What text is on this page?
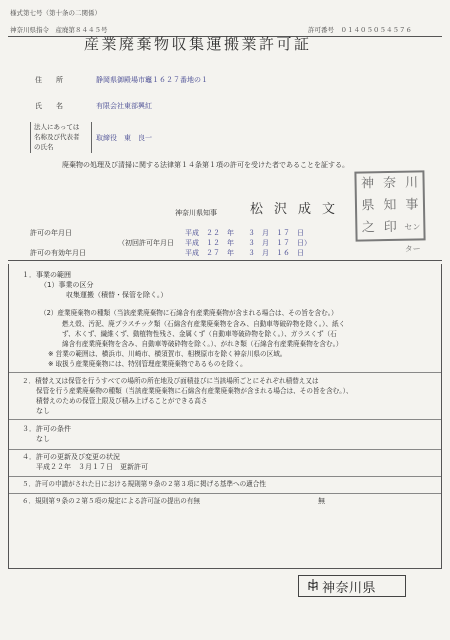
様式第七号（第十条の二関係）
神奈川県指令　産廃第８４４５号	許可番号　０１４０５０５４５７６
産業廃棄物収集運搬業許可証
住　　所	静岡県御殿場市竈１６２７番地の１
氏　　名	有限会社東部興紅
法人にあっては
名称及び代表者
の氏名
取締役　東　良一
廃棄物の処理及び清掃に関する法律第１４条第１項の許可を受けた者であることを証する。
神奈川県知事	松沢成文
神 奈 川
県 知 事
之 印 センター
許可の年月日	平成　２２　年　　３　月　１７　日
（初回許可年月日 平成　１２　年　　３　月　１７　日）
許可の有効年月日	平成　２７　年　　３　月　１６　日
１．事業の範囲
（1）事業の区分
収集運搬（積替・保管を除く。）
（2）産業廃棄物の種類（当該産業廃棄物に石綿含有産業廃棄物が含まれる場合は、その旨を含む。）
燃え殻、汚泥、廃プラスチック類（石綿含有産業廃棄物を含み、自動車等破砕物を除く。）、紙く
ず、木くず、繊維くず、動植物性残さ、金属くず（自動車等破砕物を除く。）、ガラスくず（石
綿含有産業廃棄物を含み、自動車等破砕物を除く。）、がれき類（石綿含有産業廃棄物を含む。）
※ 営業の範囲は、横浜市、川崎市、横須賀市、相模原市を除く神奈川県の区域。
※ 取扱う産業廃棄物には、特別管理産業廃棄物であるものを除く。
２．積替え又は保管を行うすべての場所の所在地及び面積並びに当該場所ごとにそれぞれ積替え又は
保管を行う産業廃棄物の種類（当該産業廃棄物に石綿含有産業廃棄物が含まれる場合は、その旨を含む。）、
積替えのための保管上限及び積み上げることができる高さ
なし
３．許可の条件
なし
４．許可の更新及び変更の状況
平成２２年　３月１７日　更新許可
５．許可の申請がされた日における規則第９条の２第３項に掲げる基準への適合性
６．規則第９条の２第５項の規定による許可証の提出の有無	無
神奈川県
